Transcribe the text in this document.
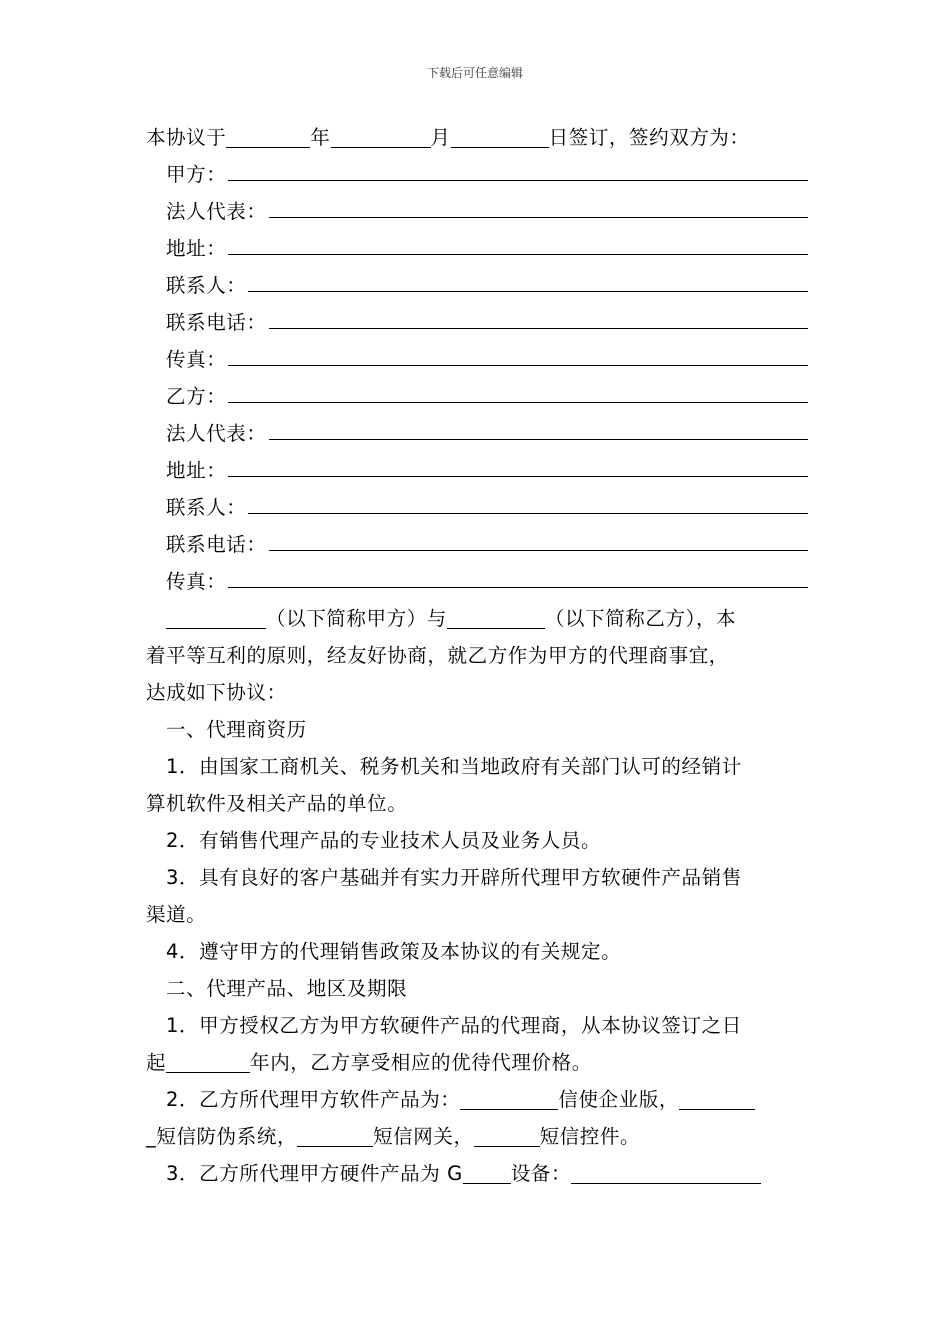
下载后可任意编辑
本协议于	年	月	日签订，签约双方为：
甲方：
法人代表：
地址：
联系人：
联系电话：
传真：
乙方：
法人代表：
地址：
联系人：
联系电话：
传真：
（以下简称甲方）与	（以下简称乙方），本
着平等互利的原则，经友好协商，就乙方作为甲方的代理商事宜，
达成如下协议：
一、代理商资历
1．由国家工商机关、税务机关和当地政府有关部门认可的经销计
算机软件及相关产品的单位。
2．有销售代理产品的专业技术人员及业务人员。
3．具有良好的客户基础并有实力开辟所代理甲方软硬件产品销售
渠道。
4．遵守甲方的代理销售政策及本协议的有关规定。
二、代理产品、地区及期限
1．甲方授权乙方为甲方软硬件产品的代理商，从本协议签订之日
起	年内，乙方享受相应的优待代理价格。
2．乙方所代理甲方软件产品为：	信使企业版，
_短信防伪系统，	短信网关，	短信控件。
3．乙方所代理甲方硬件产品为 G 设备：
